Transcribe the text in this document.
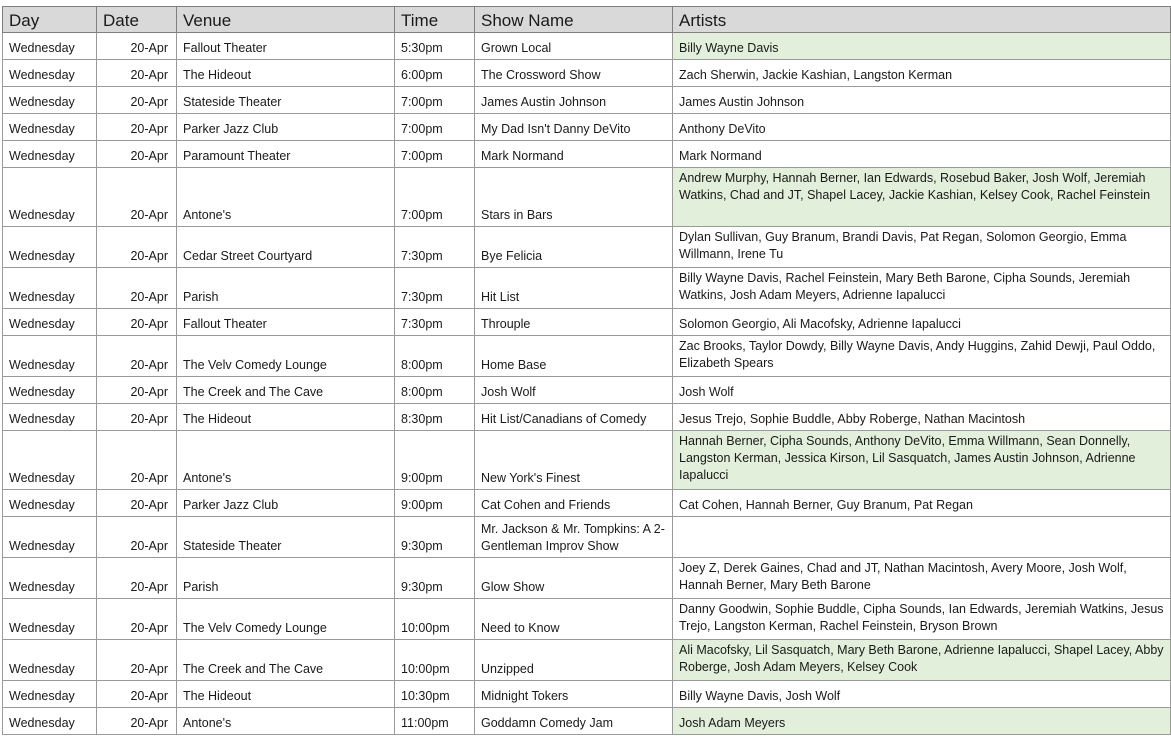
Day	Date	Venue	Time	Show Name	Artists
Wednesday	20-Apr	Fallout Theater	5:30pm	Grown Local	Billy Wayne Davis
Wednesday	20-Apr	The Hideout	6:00pm	The Crossword Show	Zach Sherwin, Jackie Kashian, Langston Kerman
Wednesday	20-Apr	Stateside Theater	7:00pm	James Austin Johnson	James Austin Johnson
Wednesday	20-Apr	Parker Jazz Club	7:00pm	My Dad Isn't Danny DeVito	Anthony DeVito
Wednesday	20-Apr	Paramount Theater	7:00pm	Mark Normand	Mark Normand
Wednesday	20-Apr	Antone's	7:00pm	Stars in Bars	Andrew Murphy, Hannah Berner, Ian Edwards, Rosebud Baker, Josh Wolf, Jeremiah Watkins, Chad and JT, Shapel Lacey, Jackie Kashian, Kelsey Cook, Rachel Feinstein
Wednesday	20-Apr	Cedar Street Courtyard	7:30pm	Bye Felicia	Dylan Sullivan, Guy Branum, Brandi Davis, Pat Regan, Solomon Georgio, Emma Willmann, Irene Tu
Wednesday	20-Apr	Parish	7:30pm	Hit List	Billy Wayne Davis, Rachel Feinstein, Mary Beth Barone, Cipha Sounds, Jeremiah Watkins, Josh Adam Meyers, Adrienne Iapalucci
Wednesday	20-Apr	Fallout Theater	7:30pm	Throuple	Solomon Georgio, Ali Macofsky, Adrienne Iapalucci
Wednesday	20-Apr	The Velv Comedy Lounge	8:00pm	Home Base	Zac Brooks, Taylor Dowdy, Billy Wayne Davis, Andy Huggins, Zahid Dewji, Paul Oddo, Elizabeth Spears
Wednesday	20-Apr	The Creek and The Cave	8:00pm	Josh Wolf	Josh Wolf
Wednesday	20-Apr	The Hideout	8:30pm	Hit List/Canadians of Comedy	Jesus Trejo, Sophie Buddle, Abby Roberge, Nathan Macintosh
Wednesday	20-Apr	Antone's	9:00pm	New York's Finest	Hannah Berner, Cipha Sounds, Anthony DeVito, Emma Willmann, Sean Donnelly, Langston Kerman, Jessica Kirson, Lil Sasquatch, James Austin Johnson, Adrienne Iapalucci
Wednesday	20-Apr	Parker Jazz Club	9:00pm	Cat Cohen and Friends	Cat Cohen, Hannah Berner, Guy Branum, Pat Regan
Wednesday	20-Apr	Stateside Theater	9:30pm	Mr. Jackson & Mr. Tompkins: A 2-Gentleman Improv Show	
Wednesday	20-Apr	Parish	9:30pm	Glow Show	Joey Z, Derek Gaines, Chad and JT, Nathan Macintosh, Avery Moore, Josh Wolf, Hannah Berner, Mary Beth Barone
Wednesday	20-Apr	The Velv Comedy Lounge	10:00pm	Need to Know	Danny Goodwin, Sophie Buddle, Cipha Sounds, Ian Edwards, Jeremiah Watkins, Jesus Trejo, Langston Kerman, Rachel Feinstein, Bryson Brown
Wednesday	20-Apr	The Creek and The Cave	10:00pm	Unzipped	Ali Macofsky, Lil Sasquatch, Mary Beth Barone, Adrienne Iapalucci, Shapel Lacey, Abby Roberge, Josh Adam Meyers, Kelsey Cook
Wednesday	20-Apr	The Hideout	10:30pm	Midnight Tokers	Billy Wayne Davis, Josh Wolf
Wednesday	20-Apr	Antone's	11:00pm	Goddamn Comedy Jam	Josh Adam Meyers
